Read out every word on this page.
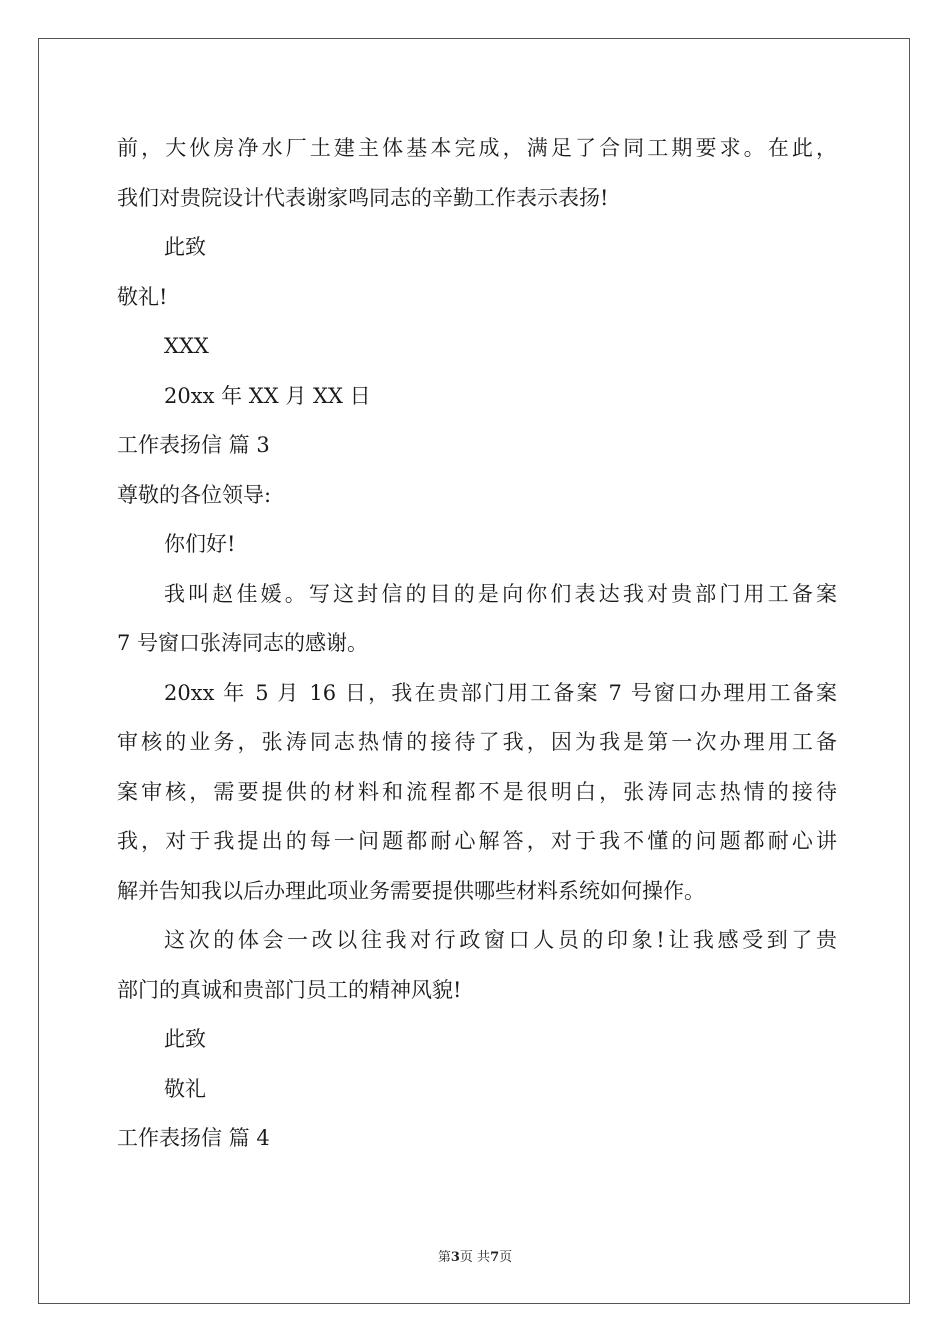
前，大伙房净水厂土建主体基本完成，满足了合同工期要求。在此，
我们对贵院设计代表谢家鸣同志的辛勤工作表示表扬!
此致
敬礼!
XXX
20xx 年 XX 月 XX 日
工作表扬信 篇 3
尊敬的各位领导:
你们好!
我叫赵佳媛。写这封信的目的是向你们表达我对贵部门用工备案
7 号窗口张涛同志的感谢。
20xx 年 5 月 16 日，我在贵部门用工备案 7 号窗口办理用工备案
审核的业务，张涛同志热情的接待了我，因为我是第一次办理用工备
案审核，需要提供的材料和流程都不是很明白，张涛同志热情的接待
我，对于我提出的每一问题都耐心解答，对于我不懂的问题都耐心讲
解并告知我以后办理此项业务需要提供哪些材料系统如何操作。
这次的体会一改以往我对行政窗口人员的印象!让我感受到了贵
部门的真诚和贵部门员工的精神风貌!
此致
敬礼
工作表扬信 篇 4
第3页 共7页
